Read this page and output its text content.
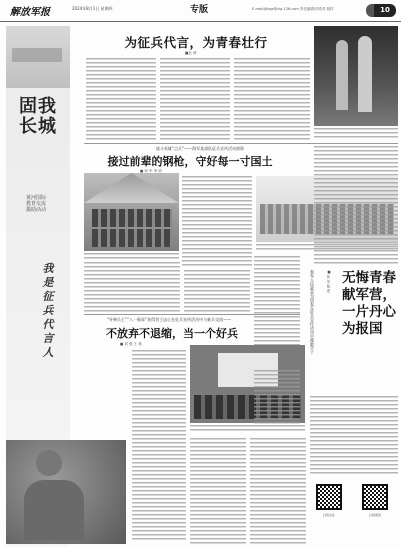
解放军报	2024年8月1日 星期四	专版	E-mail:jfjbgz@vip.126.com 责任编辑/刘奇奇 版样	10
固我长城
黄河国际教育交流援助活动
我是征兵代言人
为征兵代言，为青春壮行
■赵 洲
战斗英雄“点兵”——海军某部队征兵宣传活动掠影
接过前辈的钢枪，守好每一寸国土
■ 何 军 李 明
“导弹兵王”“八一勋章”获得者王忠心在征兵宣传活动中与新兵交流——
不放弃不退缩，当一个好兵
■ 刘 强 王 林	参军入伍就是为国家在征兵宣传活动中激励学子	■ 张 军 陈 建 无悔青春献军营，一片丹心为报国
扫码关注	扫码阅读
